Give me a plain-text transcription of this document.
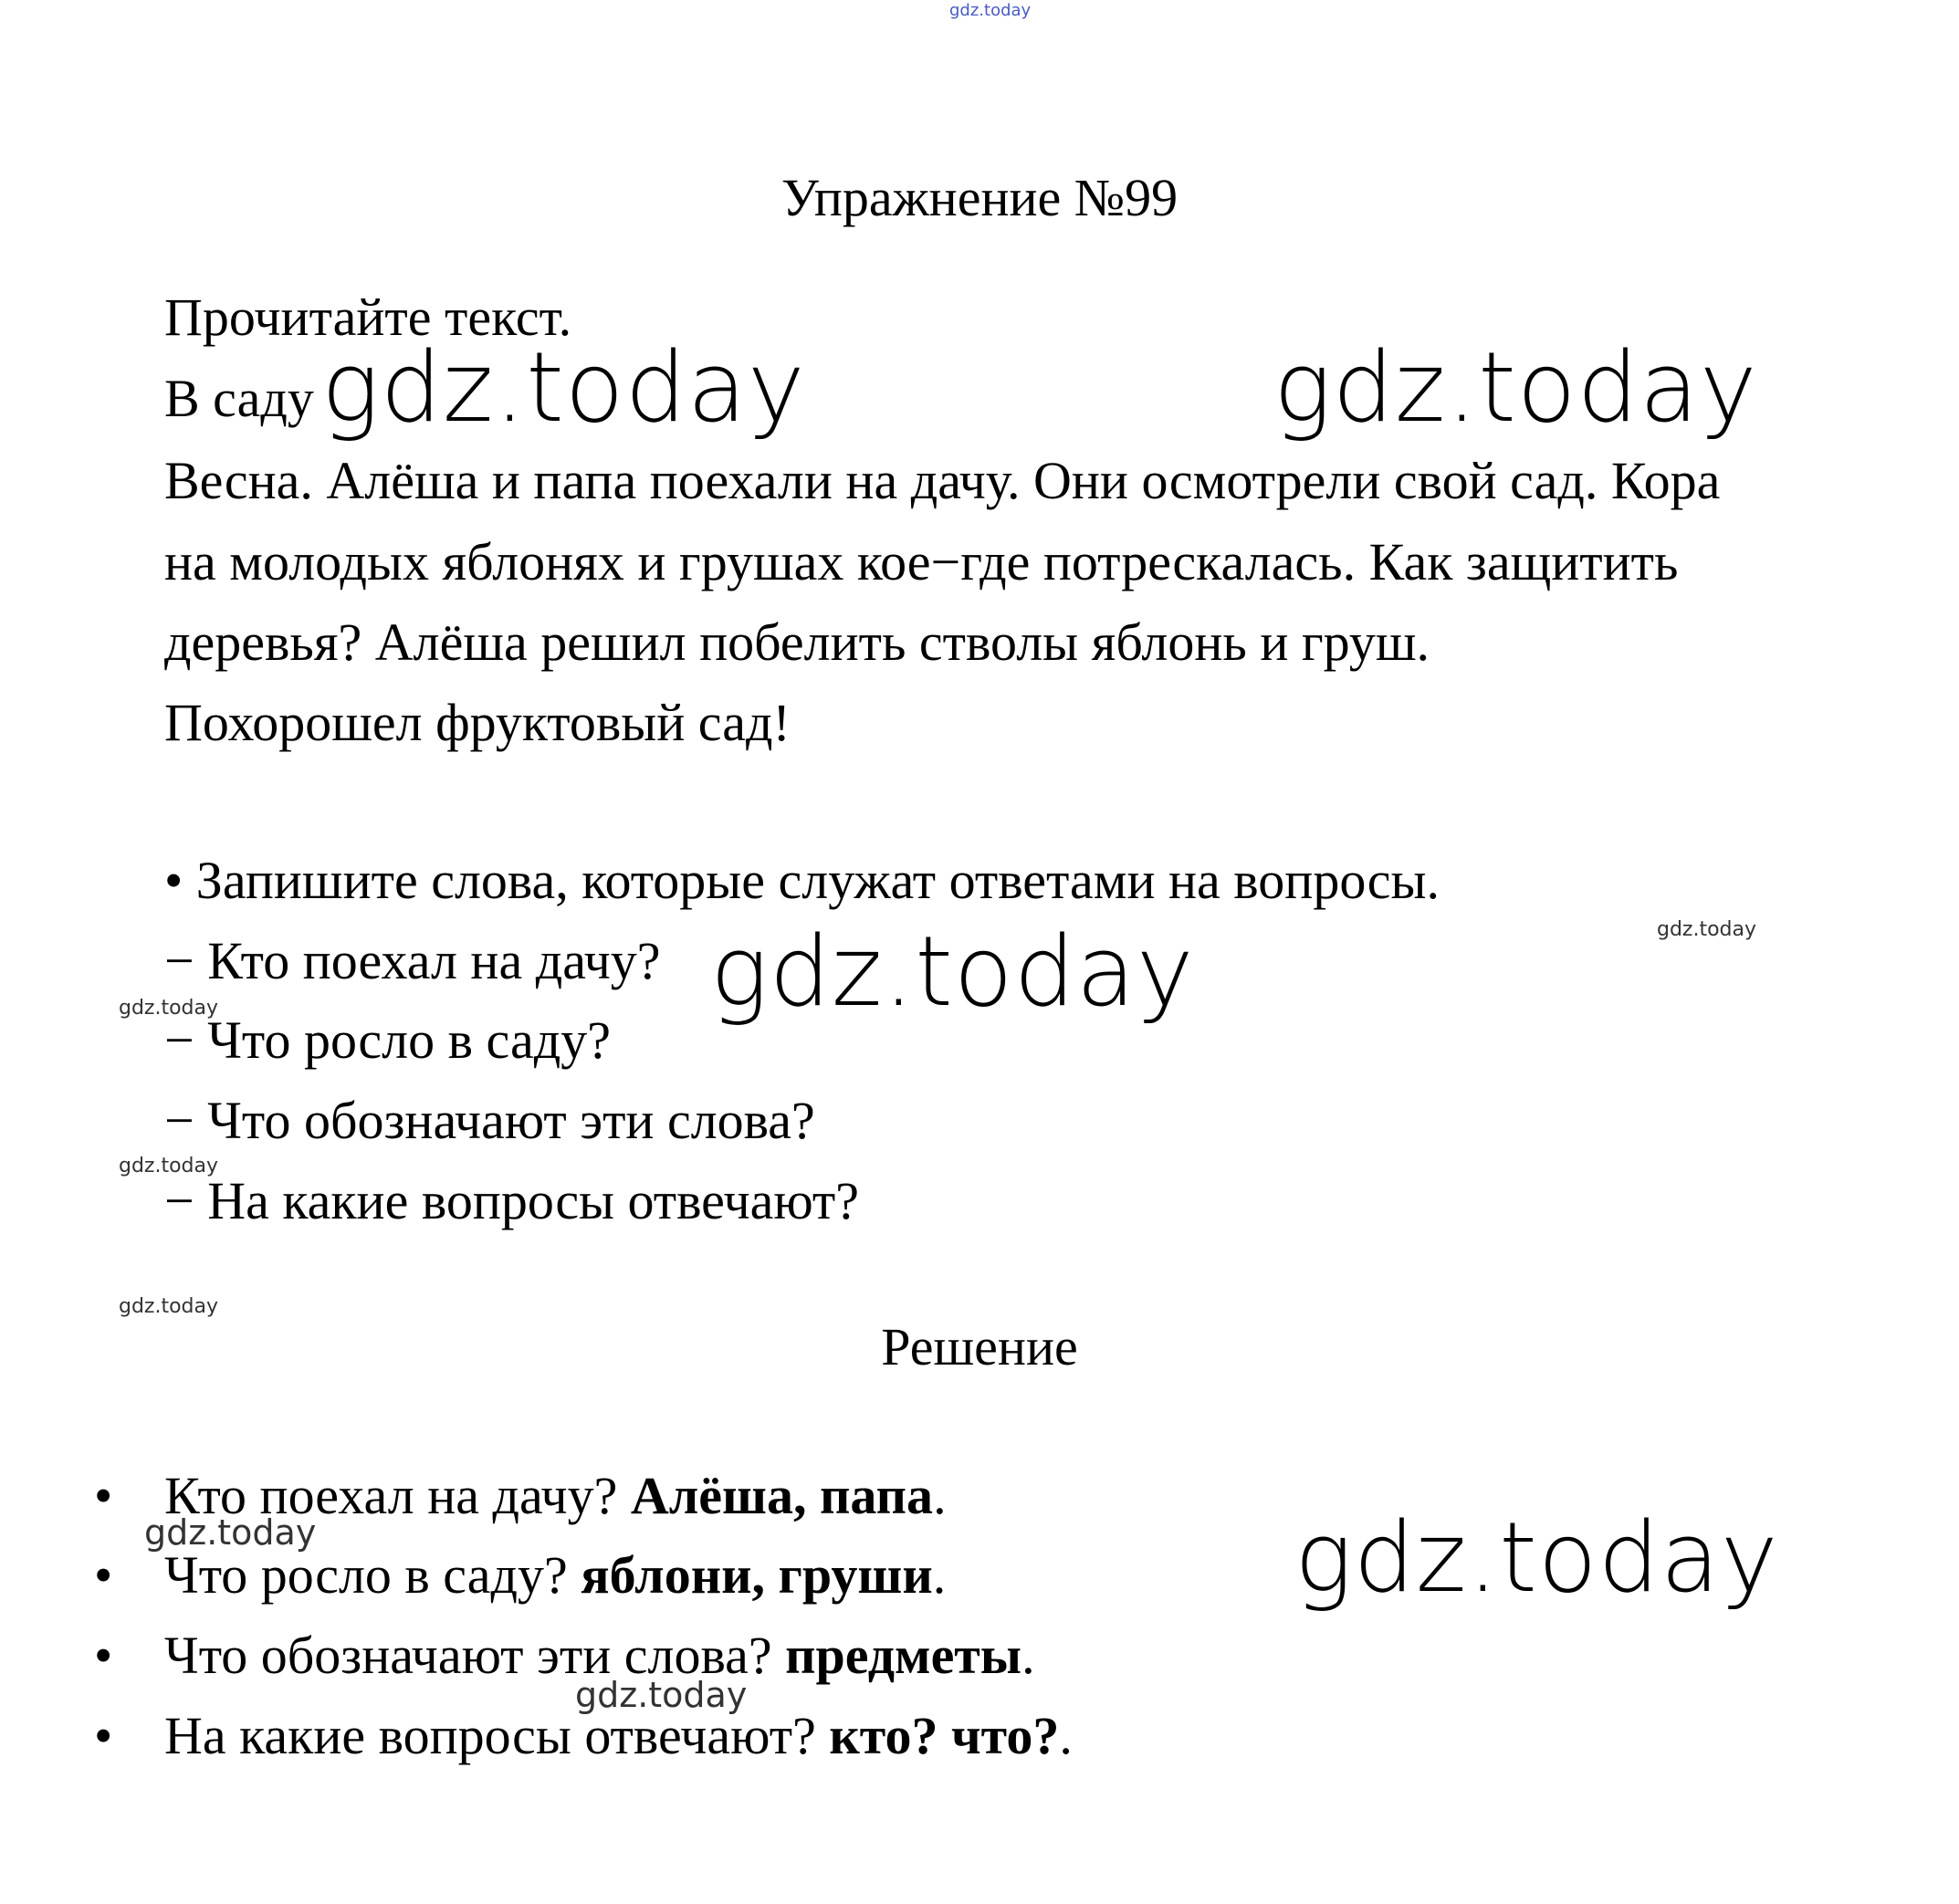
gdz.today
Упражнение №99
Прочитайте текст.
В саду
Весна. Алёша и папа поехали на дачу. Они осмотрели свой сад. Кора
на молодых яблонях и грушах кое−где потрескалась. Как защитить
деревья? Алёша решил побелить стволы яблонь и груш.
Похорошел фруктовый сад!
• Запишите слова, которые служат ответами на вопросы.
− Кто поехал на дачу?
− Что росло в саду?
− Что обозначают эти слова?
− На какие вопросы отвечают?
Решение
• Кто поехал на дачу? Алёша, папа.
• Что росло в саду? яблони, груши.
• Что обозначают эти слова? предметы.
• На какие вопросы отвечают? кто? что?.
gdz.today	gdz.today
gdz.today
gdz.today
gdz.today
gdz.today
gdz.today
gdz.today
gdz.today
gdz.today
